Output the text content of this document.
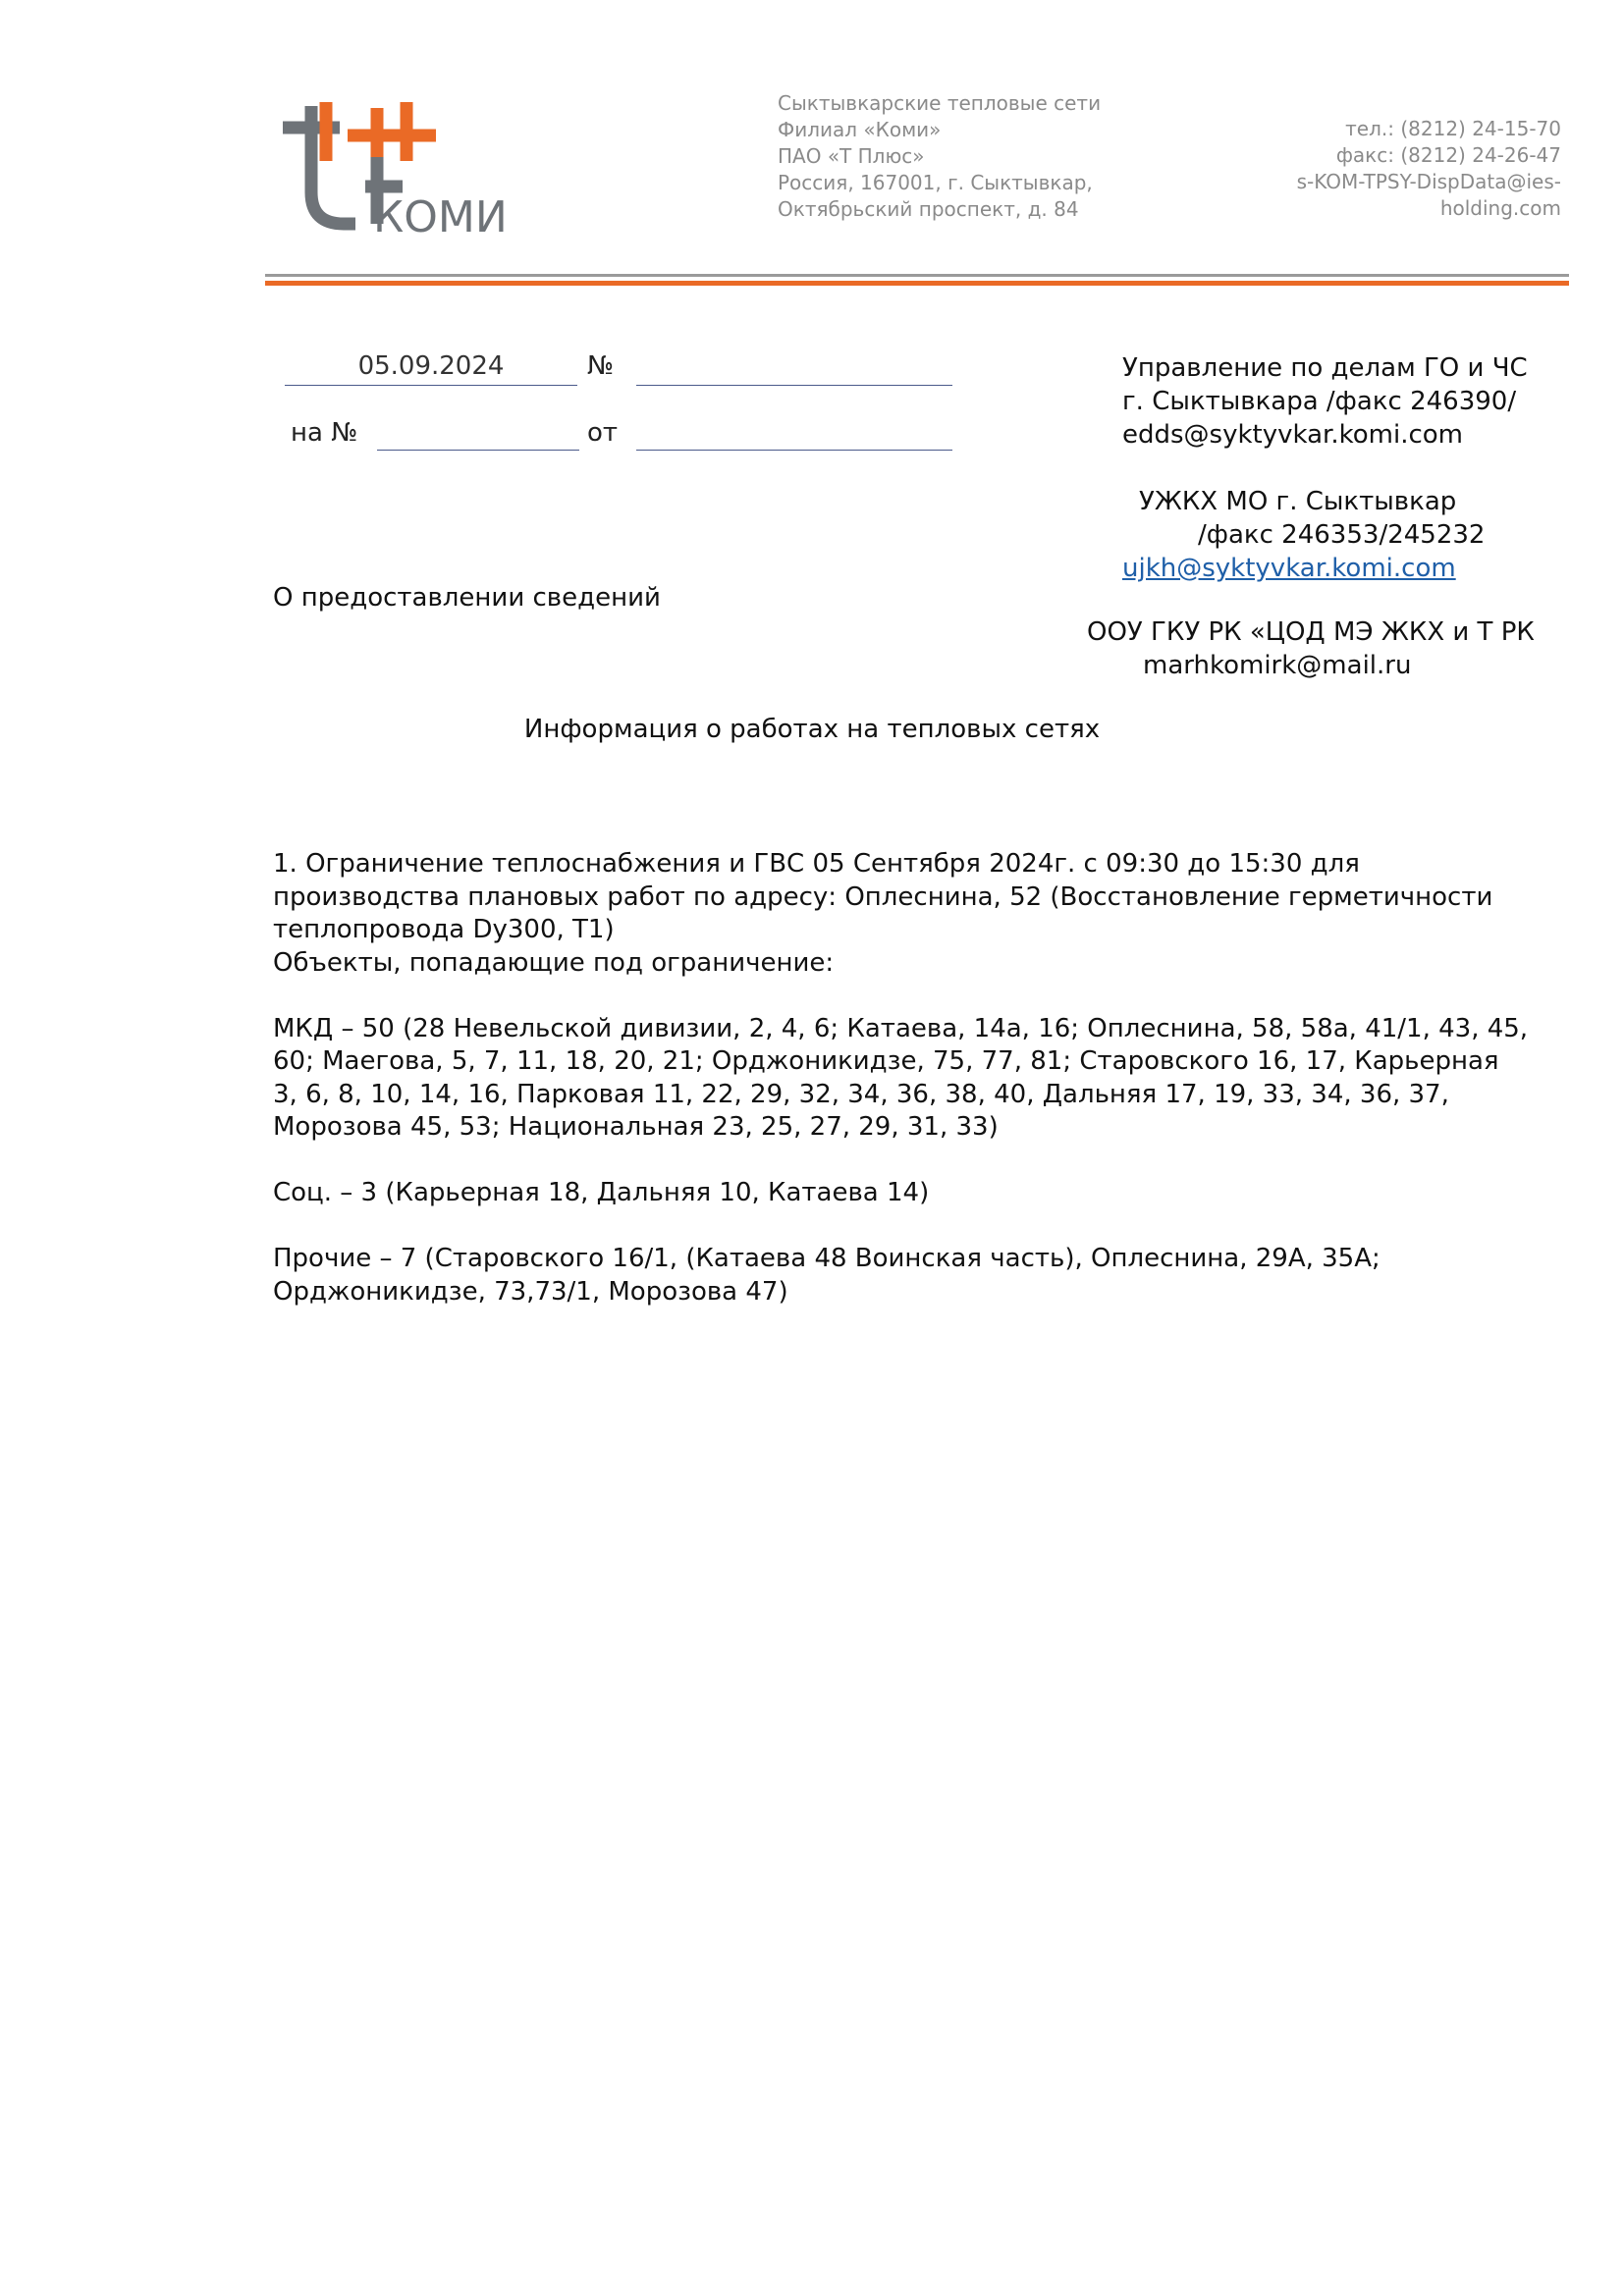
КОМИ
Сыктывкарские тепловые сети
Филиал «Коми»
ПАО «Т Плюс»
Россия, 167001, г. Сыктывкар,
Октябрьский проспект, д. 84
тел.: (8212) 24-15-70
факс: (8212) 24-26-47
s-KOM-TPSY-DispData@ies-
holding.com
05.09.2024	№
на №	от
Управление по делам ГО и ЧС
г. Сыктывкара /факс 246390/
edds@syktyvkar.komi.com
УЖКХ МО г. Сыктывкар
/факс 246353/245232
ujkh@syktyvkar.komi.com
ООУ ГКУ РК «ЦОД МЭ ЖКХ и Т РК
marhkomirk@mail.ru
О предоставлении сведений
Информация о работах на тепловых сетях

1. Ограничение теплоснабжения и ГВС 05 Сентября 2024г. с 09:30 до 15:30 для производства плановых работ по адресу: Оплеснина, 52 (Восстановление герметичности теплопровода Dy300, Т1)

Объекты, попадающие под ограничение:

МКД – 50 (28 Невельской дивизии, 2, 4, 6; Катаева, 14а, 16; Оплеснина, 58, 58а, 41/1, 43, 45, 60; Маегова, 5, 7, 11, 18, 20, 21; Орджоникидзе, 75, 77, 81; Старовского 16, 17, Карьерная 3, 6, 8, 10, 14, 16, Парковая 11, 22, 29, 32, 34, 36, 38, 40, Дальняя 17, 19, 33, 34, 36, 37, Морозова 45, 53; Национальная 23, 25, 27, 29, 31, 33)

Соц. – 3 (Карьерная 18, Дальняя 10, Катаева 14)

Прочие – 7 (Старовского 16/1, (Катаева 48 Воинская часть), Оплеснина, 29А, 35А; Орджоникидзе, 73,73/1, Морозова 47)
